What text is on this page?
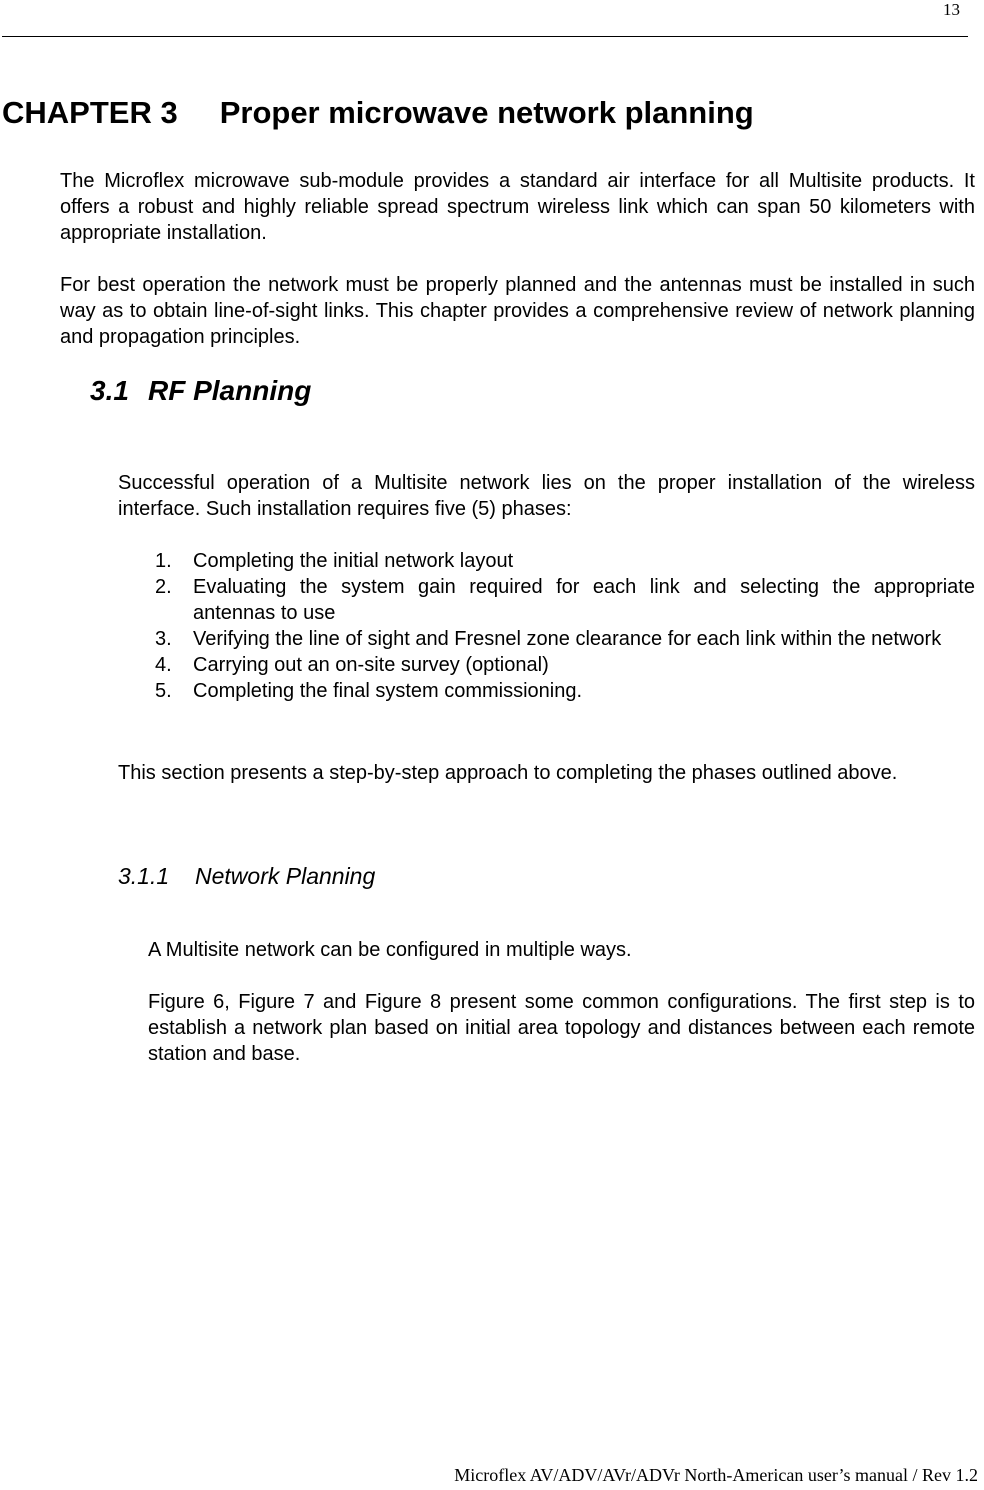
13
CHAPTER 3 Proper microwave network planning

The Microflex microwave sub-module provides a standard air interface for all Multisite products. It offers a robust and highly reliable spread spectrum wireless link which can span 50 kilometers with appropriate installation.

For best operation the network must be properly planned and the antennas must be installed in such way as to obtain line-of-sight links. This chapter provides a comprehensive review of network planning and propagation principles.

3.1 RF Planning

Successful operation of a Multisite network lies on the proper installation of the wireless interface. Such installation requires five (5) phases:

1. Completing the initial network layout
2. Evaluating the system gain required for each link and selecting the appropriate antennas to use
3. Verifying the line of sight and Fresnel zone clearance for each link within the network
4. Carrying out an on-site survey (optional)
5. Completing the final system commissioning.

This section presents a step-by-step approach to completing the phases outlined above.

3.1.1 Network Planning

A Multisite network can be configured in multiple ways.

Figure 6, Figure 7 and Figure 8 present some common configurations. The first step is to establish a network plan based on initial area topology and distances between each remote station and base.

Microflex AV/ADV/AVr/ADVr North-American user’s manual / Rev 1.2
